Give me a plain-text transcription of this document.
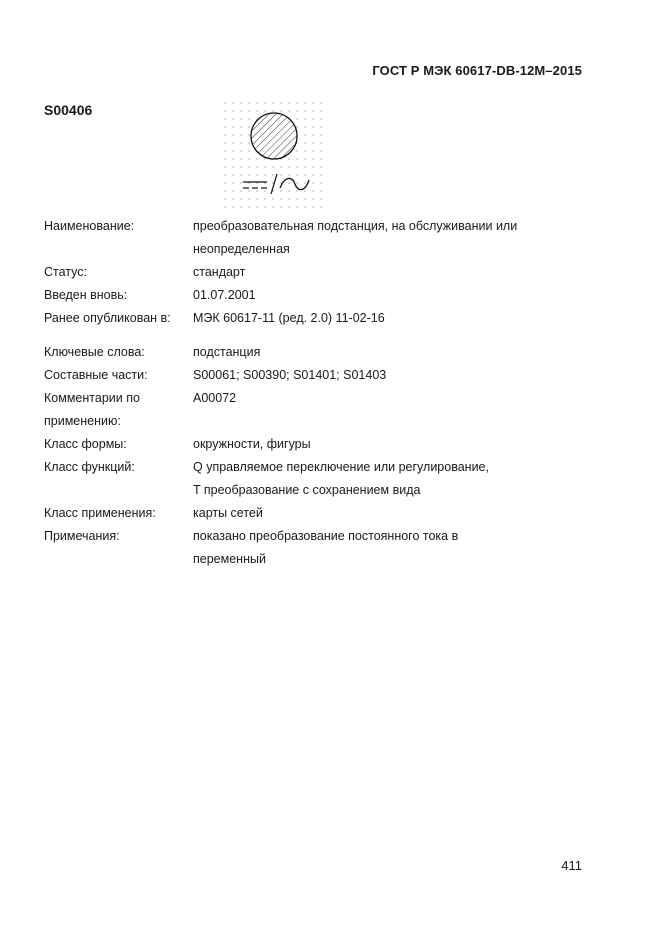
ГОСТ Р МЭК 60617-DB-12M–2015
S00406
Наименование:	преобразовательная подстанция, на обслуживании или
неопределенная
Статус:	стандарт
Введен вновь:	01.07.2001
Ранее опубликован в:	МЭК 60617-11 (ред. 2.0) 11-02-16
Ключевые слова:	подстанция
Составные части:	S00061; S00390; S01401; S01403
Комментарии по	A00072
применению:
Класс формы:	окружности, фигуры
Класс функций:	Q управляемое переключение или регулирование,
T преобразование с сохранением вида
Класс применения:	карты сетей
Примечания:	показано преобразование постоянного тока в
переменный
411
